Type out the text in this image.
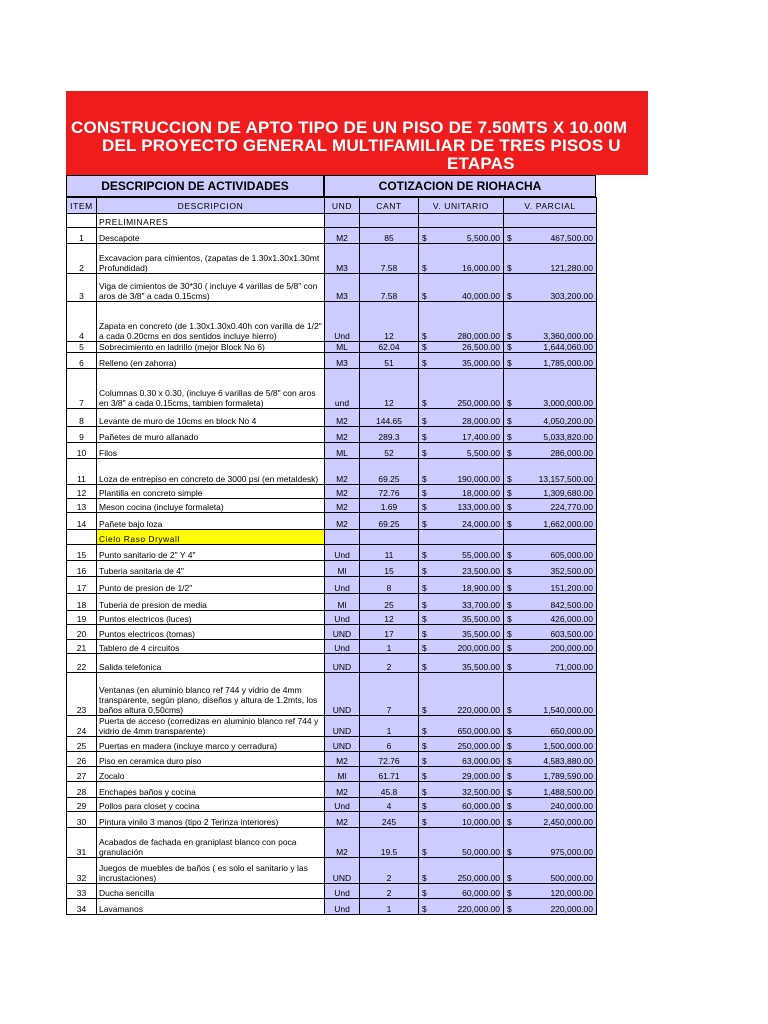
CONSTRUCCION DE APTO TIPO DE UN PISO DE 7.50MTS X 10.00M
DEL PROYECTO GENERAL MULTIFAMILIAR DE TRES PISOS U
ETAPAS
DESCRIPCION DE ACTIVIDADES	COTIZACION DE RIOHACHA
ITEM	DESCRIPCION	UND	CANT	V. UNITARIO	V. PARCIAL
	PRELIMINARES				
1	Descapote	M2	85	$ 5,500.00	$ 467,500.00

2	Excavacion para cimientos, (zapatas de 1.30x1.30x1.30mt Profundidad)	M3	7.58	$ 16,000.00	$ 121,280.00

3	Viga de cimientos de 30*30 ( incluye 4 varillas de 5/8" con aros de 3/8" a cada 0.15cms)	M3	7.58	$ 40,000.00	$ 303,200.00

4	Zapata en concreto (de 1.30x1.30x0.40h con varilla de 1/2" a cada 0.20cms en dos sentidos incluye hierro)	Und	12	$ 280,000.00	$ 3,360,000.00

5	Sobrecimiento en ladrillo (mejor Block No 6)	ML	62.04	$ 26,500.00	$ 1,644,060.00

6	Relleno (en zahorra)	M3	51	$ 35,000.00	$ 1,785,000.00

7	Columnas 0.30 x 0.30, (incluye 6 varillas de 5/8" con aros en 3/8" a cada 0.15cms, tambien formaleta)	und	12	$ 250,000.00	$ 3,000,000.00

8	Levante de muro de 10cms en block No 4	M2	144.65	$ 28,000.00	$ 4,050,200.00

9	Pañetes de muro allanado	M2	289.3	$ 17,400.00	$ 5,033,820.00

10	Filos	ML	52	$ 5,500.00	$ 286,000.00

11	Loza de entrepiso en concreto de 3000 psi (en metaldesk)	M2	69.25	$ 190,000.00	$ 13,157,500.00

12	Plantilla en concreto simple	M2	72.76	$ 18,000.00	$ 1,309,680.00

13	Meson cocina (incluye formaleta)	M2	1.69	$ 133,000.00	$ 224,770.00

14	Pañete bajo loza	M2	69.25	$ 24,000.00	$ 1,662,000.00

	Cielo Raso Drywall				
15	Punto sanitario de 2" Y 4"	Und	11	$ 55,000.00	$ 605,000.00

16	Tuberia sanitaria de 4"	Ml	15	$ 23,500.00	$ 352,500.00

17	Punto de presion de 1/2"	Und	8	$ 18,900.00	$ 151,200.00

18	Tuberia de presion de media	Ml	25	$ 33,700.00	$ 842,500.00

19	Puntos electricos (luces)	Und	12	$ 35,500.00	$ 426,000.00

20	Puntos electricos (tomas)	UND	17	$ 35,500.00	$ 603,500.00

21	Tablero de 4 circuitos	Und	1	$ 200,000.00	$ 200,000.00

22	Salida telefonica	UND	2	$ 35,500.00	$ 71,000.00

23	Ventanas (en aluminio blanco ref 744 y vidrio de 4mm transparente, según plano, diseños y altura de 1.2mts, los baños altura 0,50cms)	UND	7	$ 220,000.00	$ 1,540,000.00

24	Puerta de acceso (corredizas en aluminio blanco ref 744 y vidrio de 4mm transparente)	UND	1	$ 650,000.00	$ 650,000.00

25	Puertas en madera (incluye marco y cerradura)	UND	6	$ 250,000.00	$ 1,500,000.00

26	Piso en ceramica duro piso	M2	72.76	$ 63,000.00	$ 4,583,880.00

27	Zocalo	Ml	61.71	$ 29,000.00	$ 1,789,590.00

28	Enchapes baños y cocina	M2	45.8	$ 32,500.00	$ 1,488,500.00

29	Pollos para closet y cocina	Und	4	$ 60,000.00	$ 240,000.00

30	Pintura vinilo 3 manos (tipo 2 Terinza interiores)	M2	245	$ 10,000.00	$ 2,450,000.00

31	Acabados de fachada en graniplast blanco con poca granulación	M2	19.5	$ 50,000.00	$ 975,000.00

32	Juegos de muebles de baños ( es solo el sanitario y las incrustaciones)	UND	2	$ 250,000.00	$ 500,000.00

33	Ducha sencilla	Und	2	$ 60,000.00	$ 120,000.00

34	Lavamanos	Und	1	$ 220,000.00	$ 220,000.00
